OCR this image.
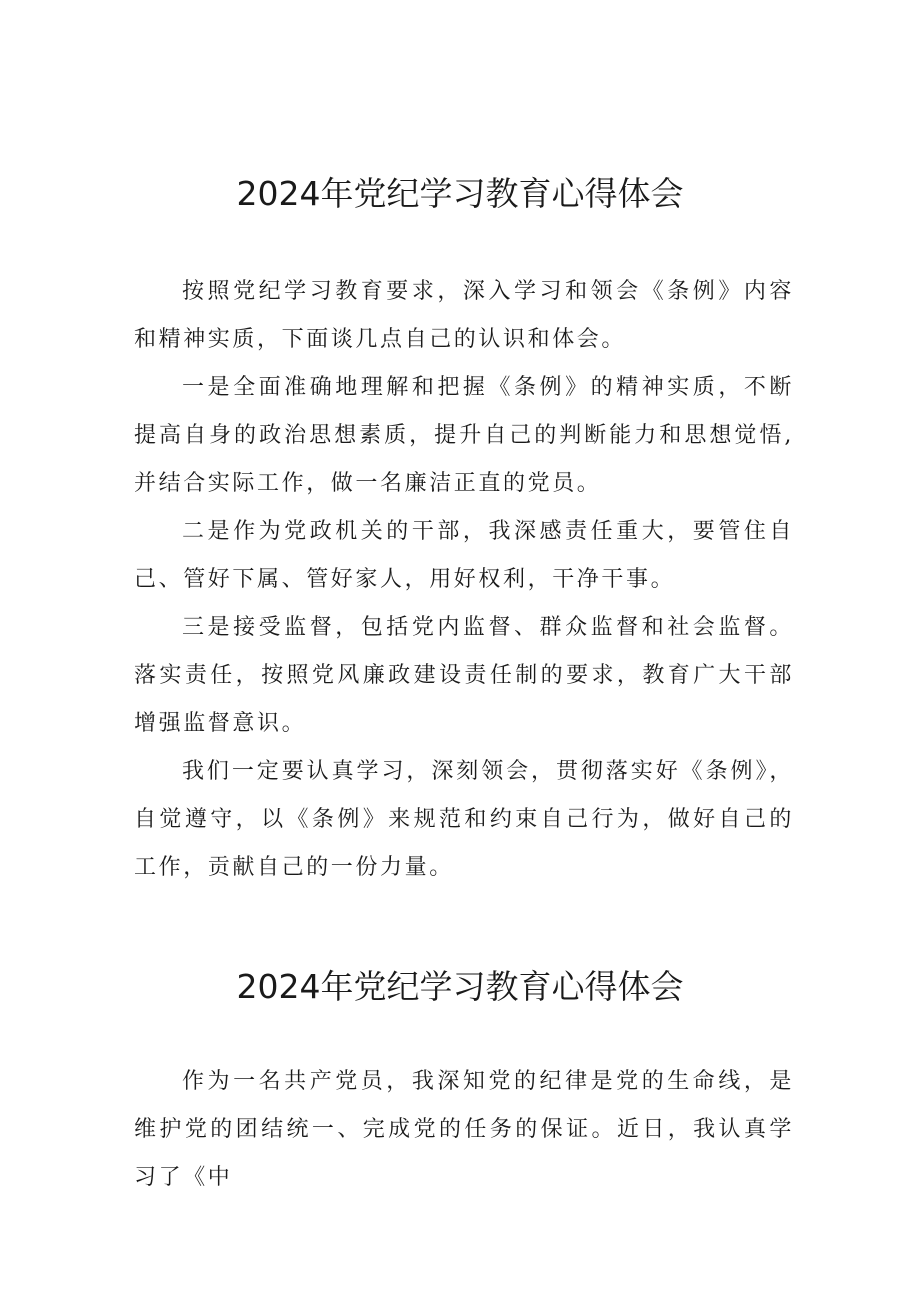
2024年党纪学习教育心得体会

按照党纪学习教育要求，深入学习和领会《条例》内容和精神实质，下面谈几点自己的认识和体会。

一是全面准确地理解和把握《条例》的精神实质，不断提高自身的政治思想素质，提升自己的判断能力和思想觉悟,并结合实际工作，做一名廉洁正直的党员。

二是作为党政机关的干部，我深感责任重大，要管住自己、管好下属、管好家人，用好权利，干净干事。

三是接受监督，包括党内监督、群众监督和社会监督。落实责任，按照党风廉政建设责任制的要求，教育广大干部增强监督意识。

我们一定要认真学习，深刻领会，贯彻落实好《条例》，自觉遵守，以《条例》来规范和约束自己行为，做好自己的工作，贡献自己的一份力量。

2024年党纪学习教育心得体会

作为一名共产党员，我深知党的纪律是党的生命线，是维护党的团结统一、完成党的任务的保证。近日，我认真学习了《中
